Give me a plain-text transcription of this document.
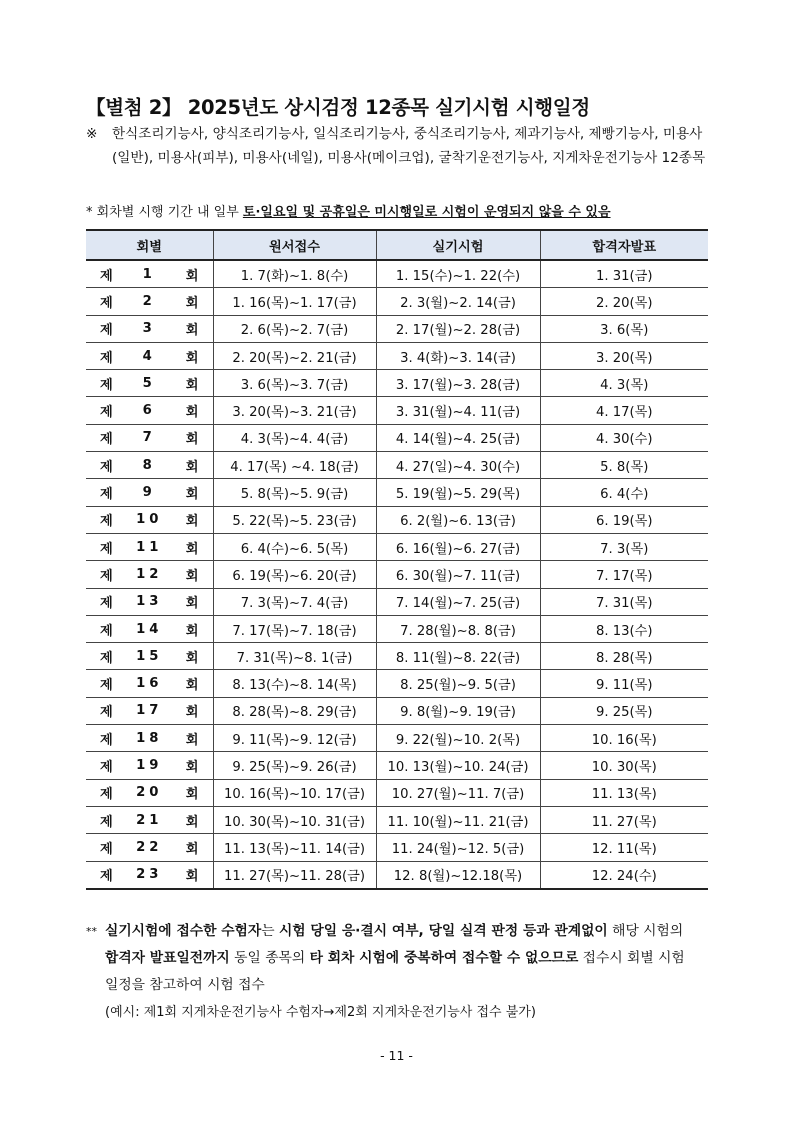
【별첨 2】 2025년도 상시검정 12종목 실기시험 시행일정
※	한식조리기능사, 양식조리기능사, 일식조리기능사, 중식조리기능사, 제과기능사, 제빵기능사, 미용사(일반), 미용사(피부), 미용사(네일), 미용사(메이크업), 굴착기운전기능사, 지게차운전기능사 12종목
* 회차별 시행 기간 내 일부 토·일요일 및 공휴일은 미시행일로 시험이 운영되지 않을 수 있음
회별	원서접수	실기시험	합격자발표

제 1 회	1. 7(화)~1. 8(수)	1. 15(수)~1. 22(수)	1. 31(금)

제 2 회	1. 16(목)~1. 17(금)	2. 3(월)~2. 14(금)	2. 20(목)

제 3 회	2. 6(목)~2. 7(금)	2. 17(월)~2. 28(금)	3. 6(목)

제 4 회	2. 20(목)~2. 21(금)	3. 4(화)~3. 14(금)	3. 20(목)

제 5 회	3. 6(목)~3. 7(금)	3. 17(월)~3. 28(금)	4. 3(목)

제 6 회	3. 20(목)~3. 21(금)	3. 31(월)~4. 11(금)	4. 17(목)

제 7 회	4. 3(목)~4. 4(금)	4. 14(월)~4. 25(금)	4. 30(수)

제 8 회	4. 17(목) ~4. 18(금)	4. 27(일)~4. 30(수)	5. 8(목)

제 9 회	5. 8(목)~5. 9(금)	5. 19(월)~5. 29(목)	6. 4(수)

제 10 회	5. 22(목)~5. 23(금)	6. 2(월)~6. 13(금)	6. 19(목)

제 11 회	6. 4(수)~6. 5(목)	6. 16(월)~6. 27(금)	7. 3(목)

제 12 회	6. 19(목)~6. 20(금)	6. 30(월)~7. 11(금)	7. 17(목)

제 13 회	7. 3(목)~7. 4(금)	7. 14(월)~7. 25(금)	7. 31(목)

제 14 회	7. 17(목)~7. 18(금)	7. 28(월)~8. 8(금)	8. 13(수)

제 15 회	7. 31(목)~8. 1(금)	8. 11(월)~8. 22(금)	8. 28(목)

제 16 회	8. 13(수)~8. 14(목)	8. 25(월)~9. 5(금)	9. 11(목)

제 17 회	8. 28(목)~8. 29(금)	9. 8(월)~9. 19(금)	9. 25(목)

제 18 회	9. 11(목)~9. 12(금)	9. 22(월)~10. 2(목)	10. 16(목)

제 19 회	9. 25(목)~9. 26(금)	10. 13(월)~10. 24(금)	10. 30(목)

제 20 회	10. 16(목)~10. 17(금)	10. 27(월)~11. 7(금)	11. 13(목)

제 21 회	10. 30(목)~10. 31(금)	11. 10(월)~11. 21(금)	11. 27(목)

제 22 회	11. 13(목)~11. 14(금)	11. 24(월)~12. 5(금)	12. 11(목)

제 23 회	11. 27(목)~11. 28(금)	12. 8(월)~12.18(목)	12. 24(수)
** 실기시험에 접수한 수험자는 시험 당일 응·결시 여부, 당일 실격 판정 등과 관계없이 해당 시험의 합격자 발표일전까지 동일 종목의 타 회차 시험에 중복하여 접수할 수 없으므로 접수시 회별 시험 일정을 참고하여 시험 접수
(예시: 제1회 지게차운전기능사 수험자→제2회 지게차운전기능사 접수 불가)
- 11 -
